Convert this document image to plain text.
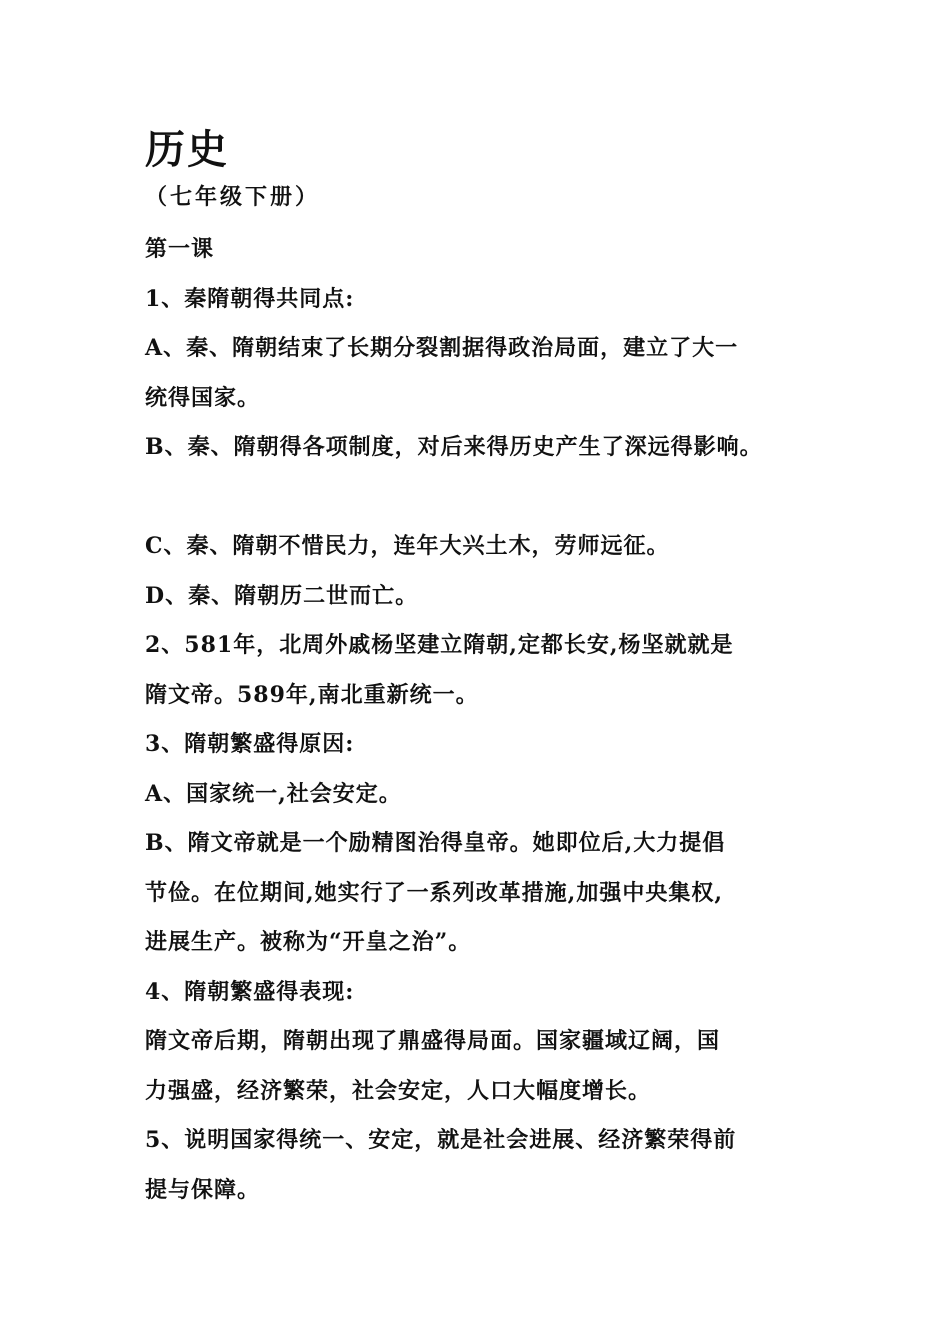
历史

（七年级下册）

第一课

1、秦隋朝得共同点:

A、秦、隋朝结束了长期分裂割据得政治局面，建立了大一

统得国家。

B、秦、隋朝得各项制度，对后来得历史产生了深远得影响。

C、秦、隋朝不惜民力，连年大兴土木，劳师远征。

D、秦、隋朝历二世而亡。

2、581年，北周外戚杨坚建立隋朝,定都长安,杨坚就就是

隋文帝。589年,南北重新统一。

3、隋朝繁盛得原因:

A、国家统一,社会安定。

B、隋文帝就是一个励精图治得皇帝。她即位后,大力提倡

节俭。在位期间,她实行了一系列改革措施,加强中央集权,

进展生产。被称为“开皇之治”。

4、隋朝繁盛得表现:

隋文帝后期，隋朝出现了鼎盛得局面。国家疆域辽阔，国

力强盛，经济繁荣，社会安定，人口大幅度增长。

5、说明国家得统一、安定，就是社会进展、经济繁荣得前

提与保障。
